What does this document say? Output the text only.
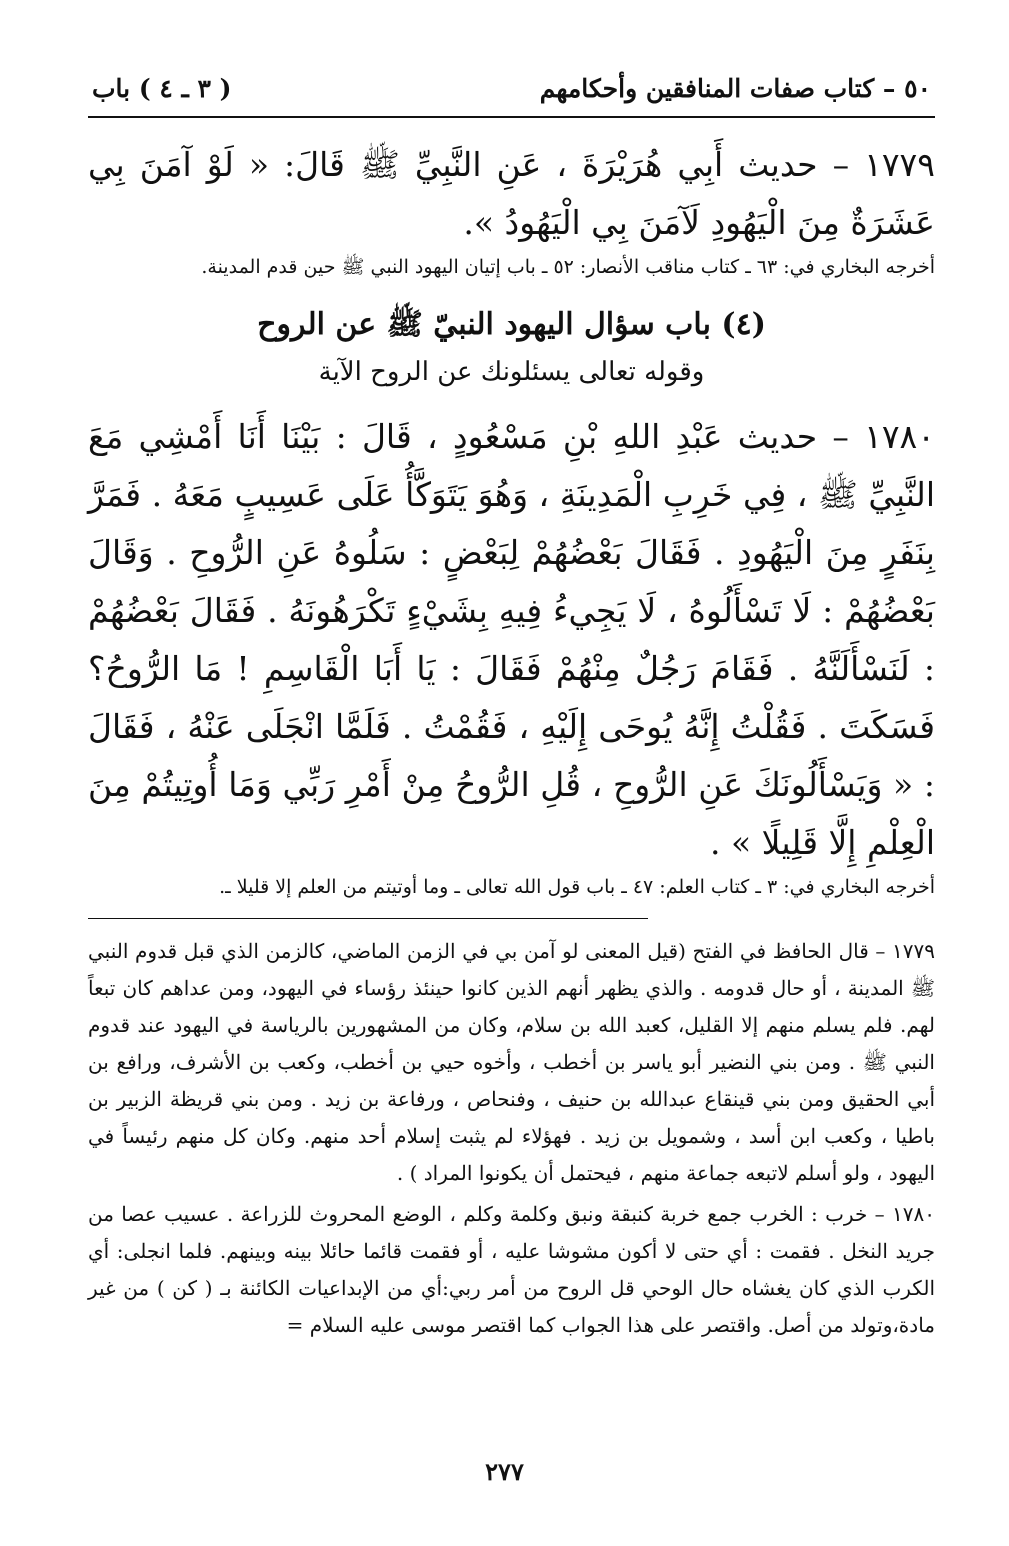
٥٠ – كتاب صفات المنافقين وأحكامهم
( ٣ ـ ٤ ) باب

١٧٧٩ – حديث أَبِي هُرَيْرَةَ ، عَنِ النَّبِيِّ ﷺ قَالَ: « لَوْ آمَنَ بِي عَشَرَةٌ مِنَ الْيَهُودِ لَآمَنَ بِي الْيَهُودُ ».

أخرجه البخاري في: ٦٣ ـ كتاب مناقب الأنصار: ٥٢ ـ باب إتيان اليهود النبي ﷺ حين قدم المدينة.

(٤) باب سؤال اليهود النبيّ ﷺ عن الروح
وقوله تعالى يسئلونك عن الروح الآية

١٧٨٠ – حديث عَبْدِ اللهِ بْنِ مَسْعُودٍ ، قَالَ : بَيْنَا أَنَا أَمْشِي مَعَ النَّبِيِّ ﷺ ، فِي خَرِبِ الْمَدِينَةِ ، وَهُوَ يَتَوَكَّأُ عَلَى عَسِيبٍ مَعَهُ . فَمَرَّ بِنَفَرٍ مِنَ الْيَهُودِ . فَقَالَ بَعْضُهُمْ لِبَعْضٍ : سَلُوهُ عَنِ الرُّوحِ . وَقَالَ بَعْضُهُمْ : لَا تَسْأَلُوهُ ، لَا يَجِيءُ فِيهِ بِشَيْءٍ تَكْرَهُونَهُ . فَقَالَ بَعْضُهُمْ : لَنَسْأَلَنَّهُ . فَقَامَ رَجُلٌ مِنْهُمْ فَقَالَ : يَا أَبَا الْقَاسِمِ ! مَا الرُّوحُ؟ فَسَكَتَ . فَقُلْتُ إِنَّهُ يُوحَى إِلَيْهِ ، فَقُمْتُ . فَلَمَّا انْجَلَى عَنْهُ ، فَقَالَ : « وَيَسْأَلُونَكَ عَنِ الرُّوحِ ، قُلِ الرُّوحُ مِنْ أَمْرِ رَبِّي وَمَا أُوتِيتُمْ مِنَ الْعِلْمِ إِلَّا قَلِيلًا » .

أخرجه البخاري في: ٣ ـ كتاب العلم: ٤٧ ـ باب قول الله تعالى ـ وما أوتيتم من العلم إلا قليلا ـ.

١٧٧٩ – قال الحافظ في الفتح (قيل المعنى لو آمن بي في الزمن الماضي، كالزمن الذي قبل قدوم النبي ﷺ المدينة ، أو حال قدومه . والذي يظهر أنهم الذين كانوا حينئذ رؤساء في اليهود، ومن عداهم كان تبعاً لهم. فلم يسلم منهم إلا القليل، كعبد الله بن سلام، وكان من المشهورين بالرياسة في اليهود عند قدوم النبي ﷺ . ومن بني النضير أبو ياسر بن أخطب ، وأخوه حيي بن أخطب، وكعب بن الأشرف، ورافع بن أبي الحقيق ومن بني قينقاع عبدالله بن حنيف ، وفنحاص ، ورفاعة بن زيد . ومن بني قريظة الزبير بن باطيا ، وكعب ابن أسد ، وشمويل بن زيد . فهؤلاء لم يثبت إسلام أحد منهم. وكان كل منهم رئيساً في اليهود ، ولو أسلم لاتبعه جماعة منهم ، فيحتمل أن يكونوا المراد ) .

١٧٨٠ – خرب : الخرب جمع خربة كنبقة ونبق وكلمة وكلم ، الوضع المحروث للزراعة . عسيب عصا من جريد النخل . فقمت : أي حتى لا أكون مشوشا عليه ، أو فقمت قائما حائلا بينه وبينهم. فلما انجلى: أي الكرب الذي كان يغشاه حال الوحي قل الروح من أمر ربي:أي من الإبداعيات الكائنة بـ ( كن ) من غير مادة،وتولد من أصل. واقتصر على هذا الجواب كما اقتصر موسى عليه السلام =

٢٧٧
